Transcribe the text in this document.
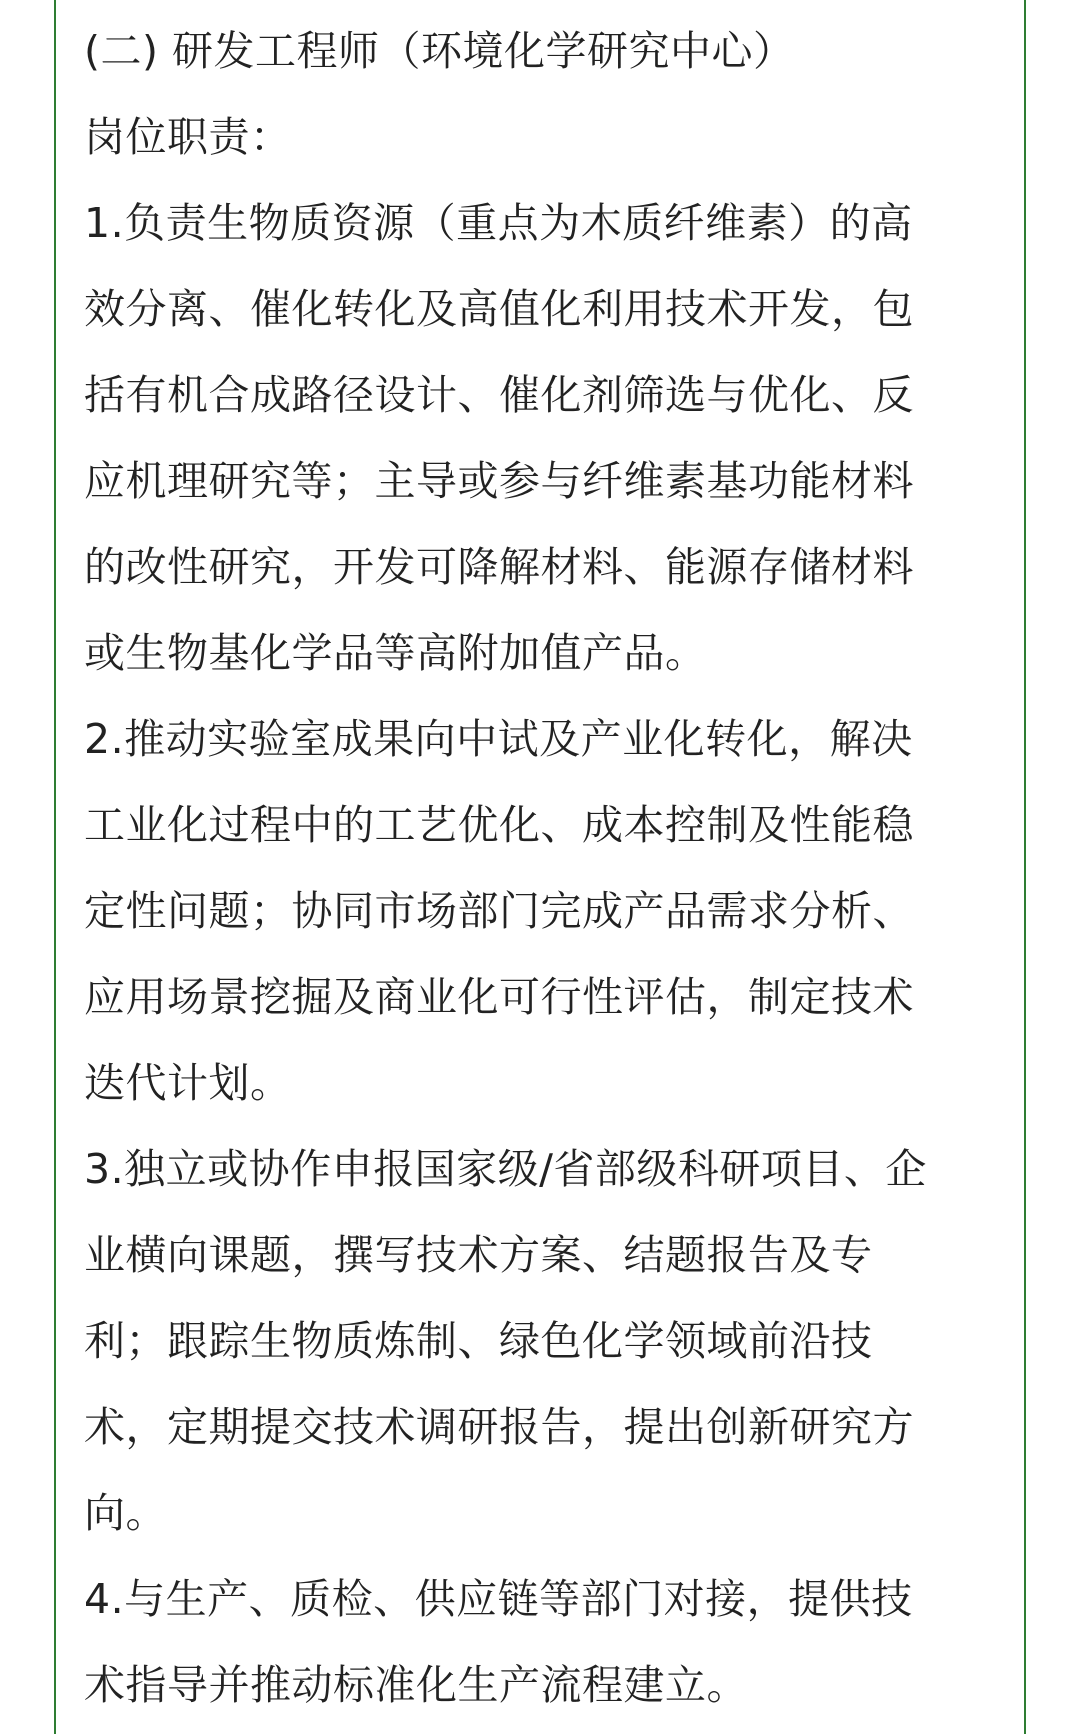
(二) 研发工程师（环境化学研究中心）

岗位职责：

1.负责生物质资源（重点为木质纤维素）的高

效分离、催化转化及高值化利用技术开发，包

括有机合成路径设计、催化剂筛选与优化、反

应机理研究等；主导或参与纤维素基功能材料

的改性研究，开发可降解材料、能源存储材料

或生物基化学品等高附加值产品。

2.推动实验室成果向中试及产业化转化，解决

工业化过程中的工艺优化、成本控制及性能稳

定性问题；协同市场部门完成产品需求分析、

应用场景挖掘及商业化可行性评估，制定技术

迭代计划。

3.独立或协作申报国家级/省部级科研项目、企

业横向课题，撰写技术方案、结题报告及专

利；跟踪生物质炼制、绿色化学领域前沿技

术，定期提交技术调研报告，提出创新研究方

向。

4.与生产、质检、供应链等部门对接，提供技

术指导并推动标准化生产流程建立。
